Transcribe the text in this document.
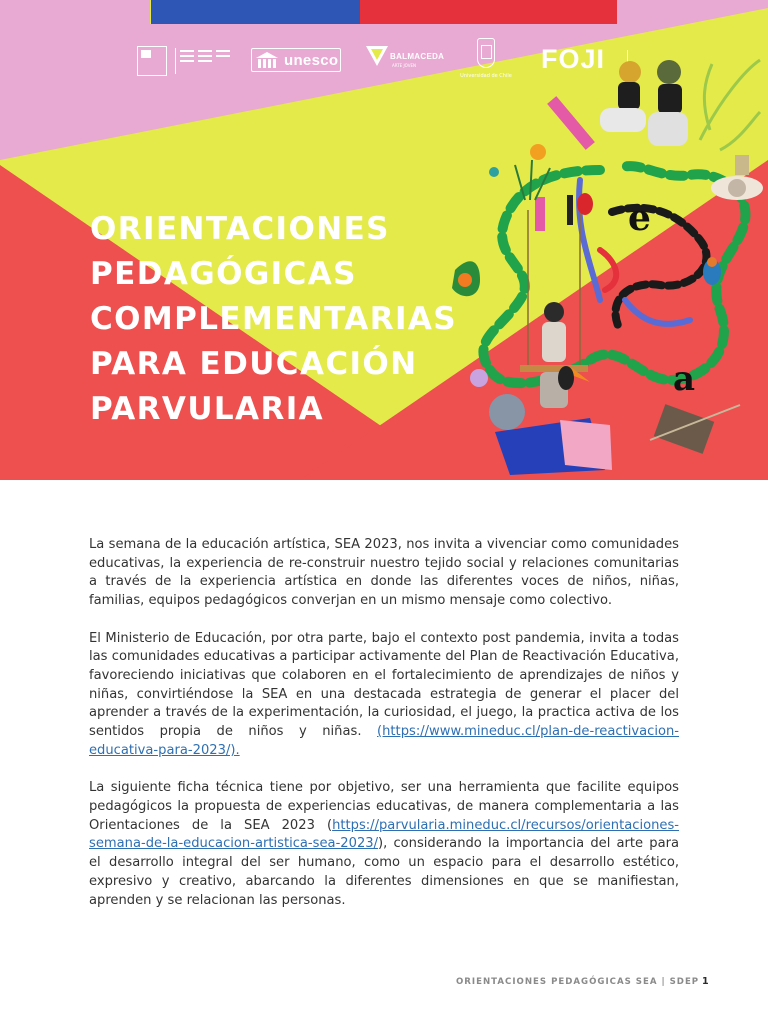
unesco	BALMACEDA
ARTE JOVEN
Universidad de Chile
FOJI
ORIENTACIONES
PEDAGÓGICAS
COMPLEMENTARIAS
PARA EDUCACIÓN
PARVULARIA
e
a

La semana de la educación artística, SEA 2023, nos invita a vivenciar como comunidades educativas, la experiencia de re-construir nuestro tejido social y relaciones comunitarias a través de la experiencia artística en donde las diferentes voces de niños, niñas, familias, equipos pedagógicos converjan en un mismo mensaje como colectivo.

El Ministerio de Educación, por otra parte, bajo el contexto post pandemia, invita a todas las comunidades educativas a participar activamente del Plan de Reactivación Educativa, favoreciendo iniciativas que colaboren en el fortalecimiento de aprendizajes de niños y niñas, convirtiéndose la SEA en una destacada estrategia de generar el placer del aprender a través de la experimentación, la curiosidad, el juego, la practica activa de los sentidos propia de niños y niñas. (https://www.mineduc.cl/plan-de-reactivacion-educativa-para-2023/).

La siguiente ficha técnica tiene por objetivo, ser una herramienta que facilite equipos pedagógicos la propuesta de experiencias educativas, de manera complementaria a las Orientaciones de la SEA 2023 (https://parvularia.mineduc.cl/recursos/orientaciones-semana-de-la-educacion-artistica-sea-2023/), considerando la importancia del arte para el desarrollo integral del ser humano, como un espacio para el desarrollo estético, expresivo y creativo, abarcando la diferentes dimensiones en que se manifiestan, aprenden y se relacionan las personas.

ORIENTACIONES PEDAGÓGICAS SEA | SDEP 1
